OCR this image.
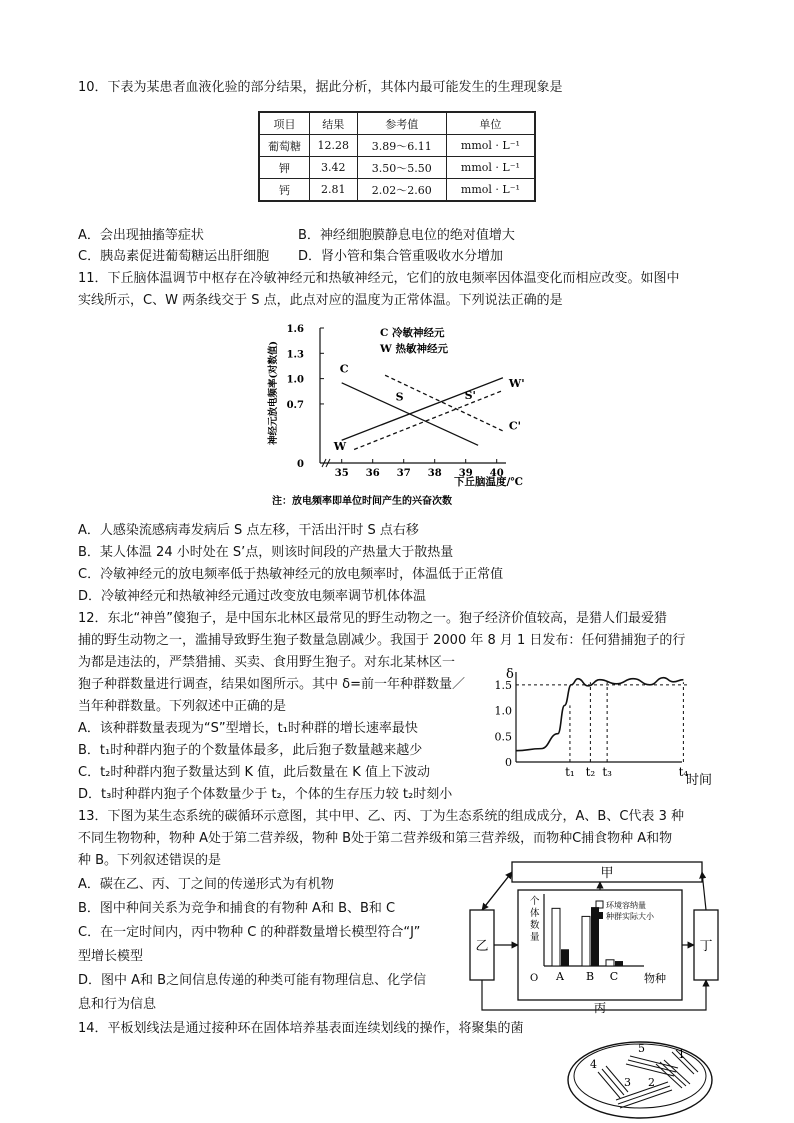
10．下表为某患者血液化验的部分结果，据此分析，其体内最可能发生的生理现象是
项目	结果	参考值	单位
葡萄糖	12.28	3.89～6.11	mmol · L⁻¹
钾	3.42	3.50～5.50	mmol · L⁻¹
钙	2.81	2.02～2.60	mmol · L⁻¹
A．会出现抽搐等症状	B．神经细胞膜静息电位的绝对值增大
C．胰岛素促进葡萄糖运出肝细胞 D．肾小管和集合管重吸收水分增加
11．下丘脑体温调节中枢存在冷敏神经元和热敏神经元，它们的放电频率因体温变化而相应改变。如图中
实线所示，C、W 两条线交于 S 点，此点对应的温度为正常体温。下列说法正确的是
神经元放电频率(对数值)
C 冷敏神经元
W 热敏神经元
35 36 37 38 39 40
0
0.7
1.0
1.3
1.6
C
W
S	S'
W'
C'
下丘脑温度/℃
注：放电频率即单位时间产生的兴奋次数
A．人感染流感病毒发病后 S 点左移，干活出汗时 S 点右移
B．某人体温 24 小时处在 S’点，则该时间段的产热量大于散热量
C．冷敏神经元的放电频率低于热敏神经元的放电频率时，体温低于正常值
D．冷敏神经元和热敏神经元通过改变放电频率调节机体体温
12．东北“神兽”傻狍子，是中国东北林区最常见的野生动物之一。狍子经济价值较高，是猎人们最爱猎
捕的野生动物之一，滥捕导致野生狍子数量急剧减少。我国于 2000 年 8 月 1 日发布：任何猎捕狍子的行
为都是违法的，严禁猎捕、买卖、食用野生狍子。对东北某林区一
狍子种群数量进行调查，结果如图所示。其中 δ=前一年种群数量／
当年种群数量。下列叙述中正确的是
A．该种群数量表现为“S”型增长，t₁时种群的增长速率最快
B．t₁时种群内狍子的个数量体最多，此后狍子数量越来越少
C．t₂时种群内狍子数量达到 K 值，此后数量在 K 值上下波动
D．t₃时种群内狍子个体数量少于 t₂，个体的生存压力较 t₂时刻小
δ
时间
0
0.5
1.0
1.5
t₁ t₂ t₃	t₄
13．下图为某生态系统的碳循环示意图，其中甲、乙、丙、丁为生态系统的组成成分，A、B、C代表 3 种
不同生物物种，物种 A处于第二营养级，物种 B处于第二营养级和第三营养级，而物种C捕食物种 A和物
种 B。下列叙述错误的是
A．碳在乙、丙、丁之间的传递形式为有机物
B．图中种间关系为竞争和捕食的有物种 A和 B、B和 C
C．在一定时间内，丙中物种 C 的种群数量增长模型符合“J”
型增长模型
D．图中 A和 B之间信息传递的种类可能有物理信息、化学信
息和行为信息
甲
乙	丁
丙
个
体
数
量
O	物种
环境容纳量
种群实际大小
A B C
14．平板划线法是通过接种环在固体培养基表面连续划线的操作，将聚集的菌
4
5	1
2
3
